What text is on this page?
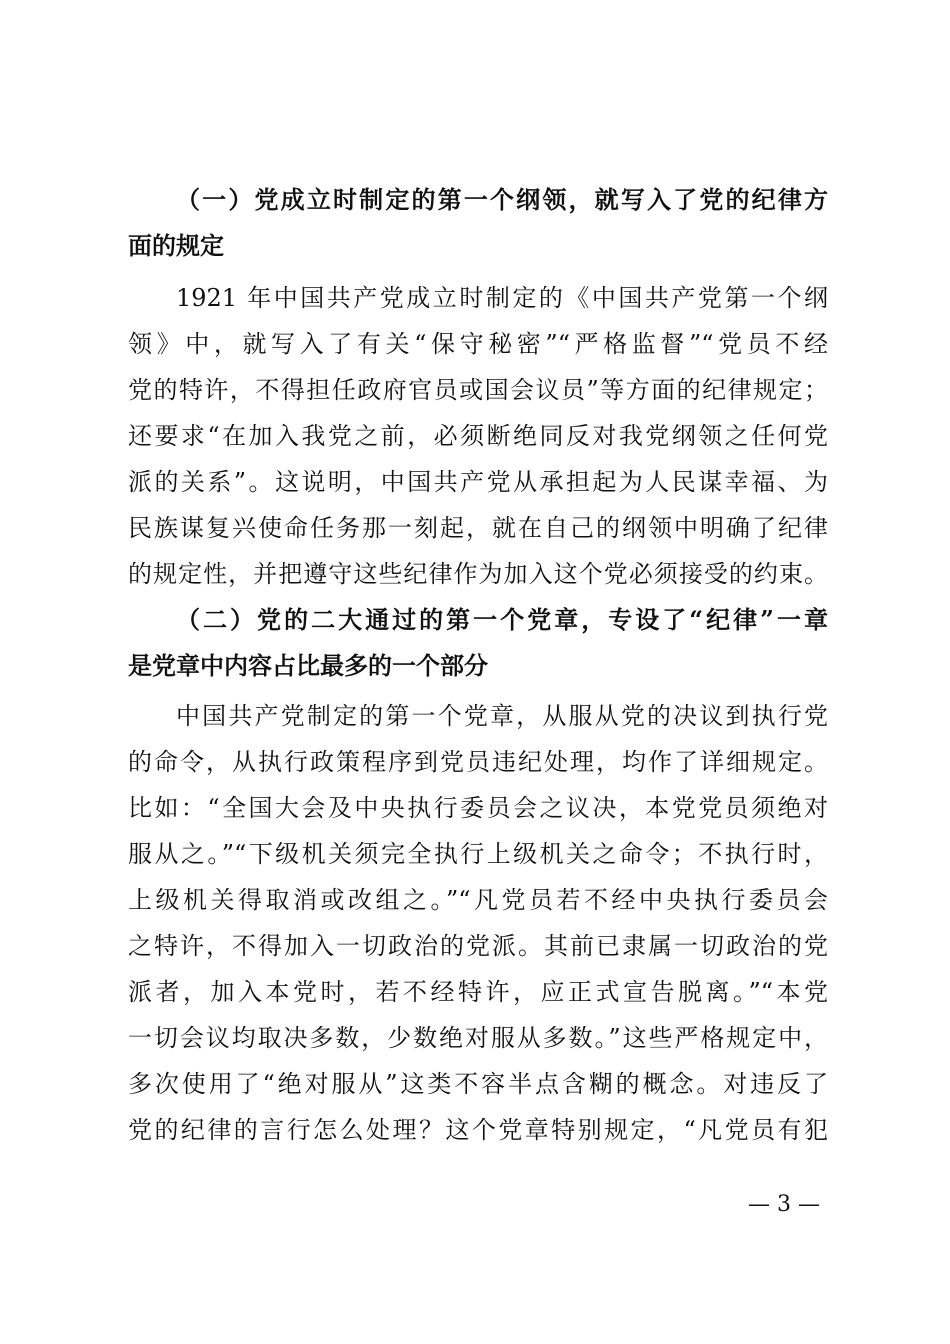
（一）党成立时制定的第一个纲领，就写入了党的纪律方
面的规定
1921 年中国共产党成立时制定的《中国共产党第一个纲
领》中，就写入了有关“保守秘密”“严格监督”“党员不经
党的特许，不得担任政府官员或国会议员”等方面的纪律规定；
还要求“在加入我党之前，必须断绝同反对我党纲领之任何党
派的关系”。这说明，中国共产党从承担起为人民谋幸福、为
民族谋复兴使命任务那一刻起，就在自己的纲领中明确了纪律
的规定性，并把遵守这些纪律作为加入这个党必须接受的约束。
（二）党的二大通过的第一个党章，专设了“纪律”一章
是党章中内容占比最多的一个部分
中国共产党制定的第一个党章，从服从党的决议到执行党
的命令，从执行政策程序到党员违纪处理，均作了详细规定。
比如：“全国大会及中央执行委员会之议决，本党党员须绝对
服从之。”“下级机关须完全执行上级机关之命令；不执行时，
上级机关得取消或改组之。”“凡党员若不经中央执行委员会
之特许，不得加入一切政治的党派。其前已隶属一切政治的党
派者，加入本党时，若不经特许，应正式宣告脱离。”“本党
一切会议均取决多数，少数绝对服从多数。”这些严格规定中，
多次使用了“绝对服从”这类不容半点含糊的概念。对违反了
党的纪律的言行怎么处理？这个党章特别规定，“凡党员有犯
— 3 —
